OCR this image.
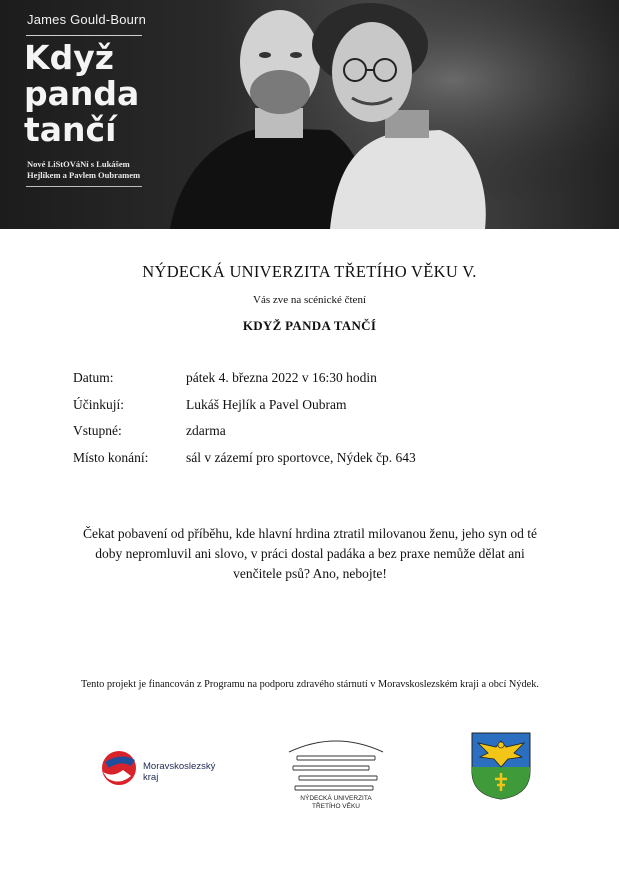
James Gould-Bourn
Když
panda
tančí
Nové LiStOVáNí s Lukášem Hejlíkem a Pavlem Oubramem
NÝDECKÁ UNIVERZITA TŘETÍHO VĚKU V.
Vás zve na scénické čtení
KDYŽ PANDA TANČÍ
Datum:	pátek 4. března 2022 v 16:30 hodin
Účinkují:	Lukáš Hejlík a Pavel Oubram
Vstupné:	zdarma
Místo konání:	sál v zázemí pro sportovce, Nýdek čp. 643
Čekat pobavení od příběhu, kde hlavní hrdina ztratil milovanou ženu, jeho syn od té doby nepromluvil ani slovo, v práci dostal padáka a bez praxe nemůže dělat ani venčitele psů? Ano, nebojte!
Tento projekt je financován z Programu na podporu zdravého stárnutí v Moravskoslezském kraji a obcí Nýdek.
Moravskoslezský
kraj
NÝDECKÁ UNIVERZITA
TŘETÍHO VĚKU
